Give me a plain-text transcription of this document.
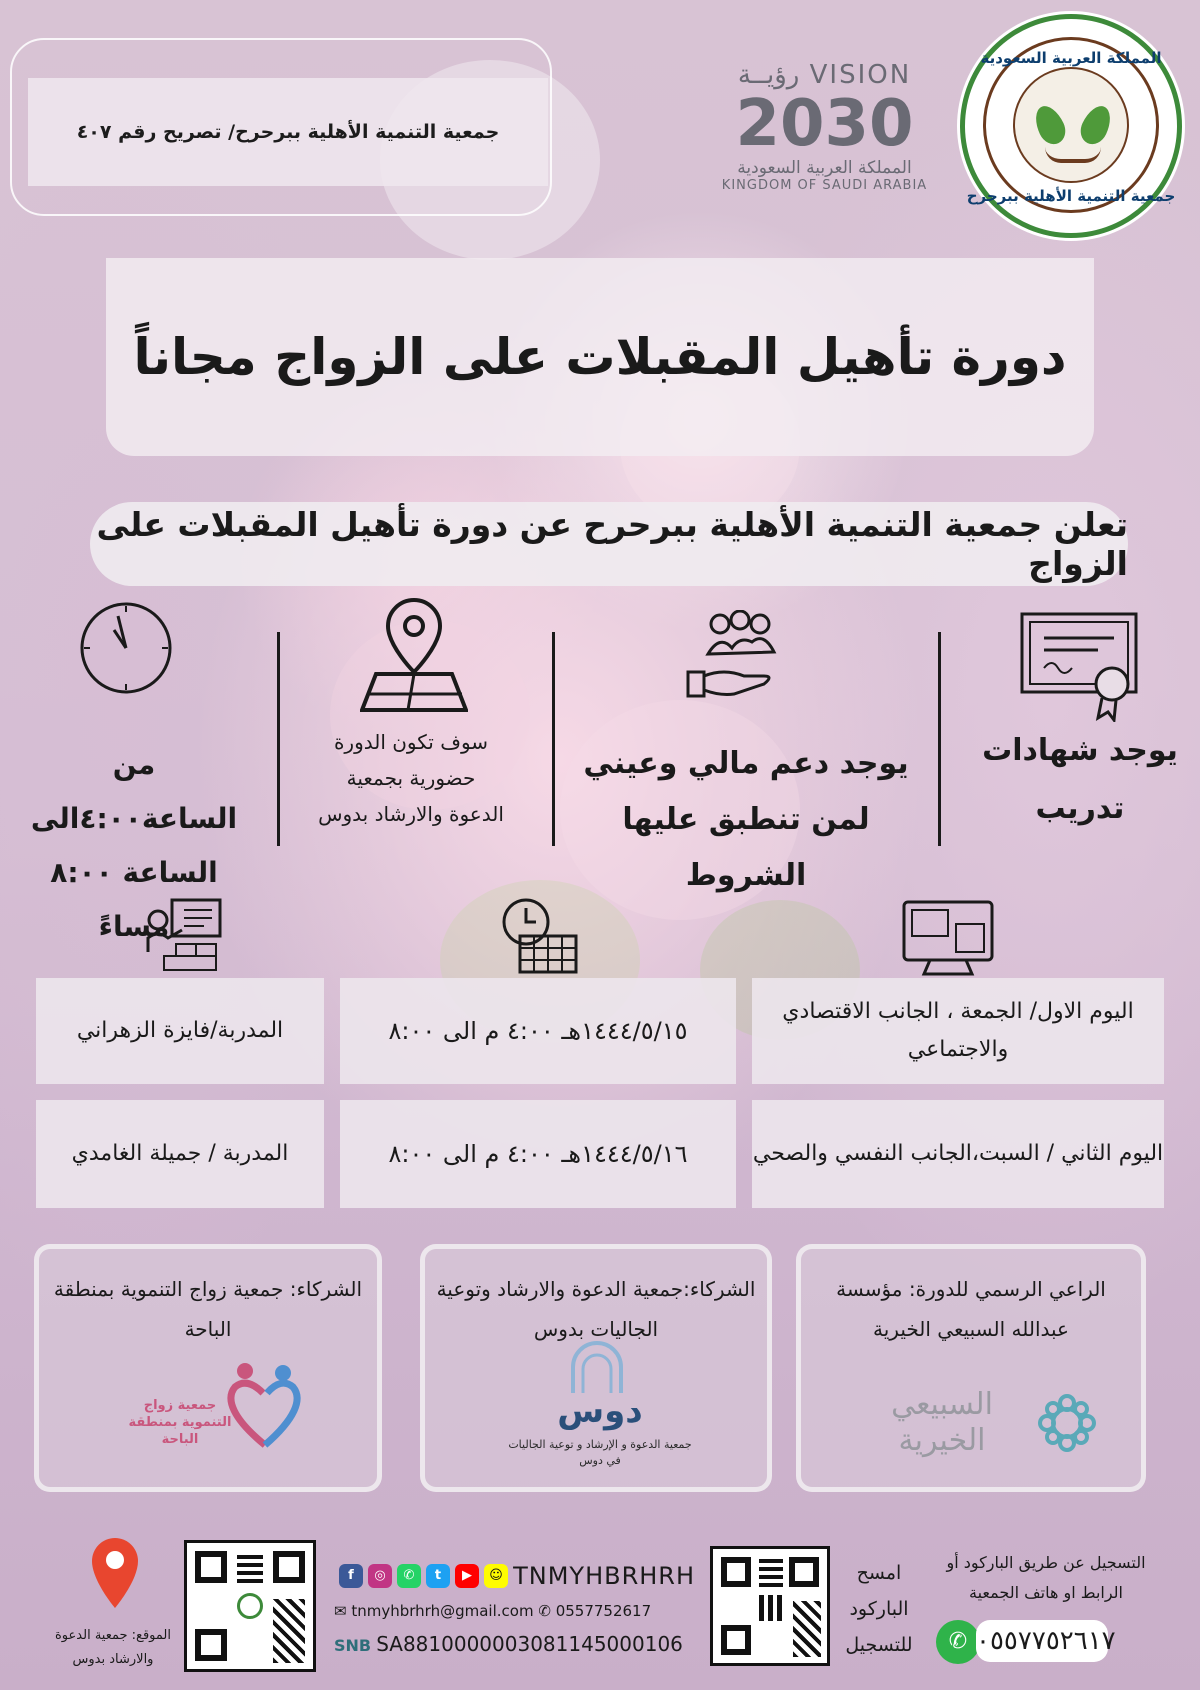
جمعية التنمية الأهلية ببرحرح/ تصريح رقم ٤٠٧
VISION رؤيــة
2030
المملكة العربية السعودية
KINGDOM OF SAUDI ARABIA
المملكة العربية السعودية
جمعية التنمية الأهلية ببرحرح
دورة تأهيل المقبلات على الزواج مجاناً
تعلن جمعية التنمية الأهلية ببرحرح عن دورة تأهيل المقبلات على الزواج
يوجد شهادات
تدريب
يوجد دعم مالي وعيني
لمن تنطبق عليها الشروط
سوف تكون الدورة
حضورية بجمعية
الدعوة والارشاد بدوس
من الساعة٤:٠٠الى
الساعة ٨:٠٠ مساءً
اليوم الاول/ الجمعة ، الجانب الاقتصادي والاجتماعي
١٤٤٤/٥/١٥هـ ٤:٠٠ م الى ٨:٠٠
المدربة/فايزة الزهراني
اليوم الثاني / السبت،الجانب النفسي والصحي
١٤٤٤/٥/١٦هـ ٤:٠٠ م الى ٨:٠٠
المدربة / جميلة الغامدي
الراعي الرسمي للدورة: مؤسسة عبدالله السبيعي الخيرية
السبيعي الخيرية
الشركاء:جمعية الدعوة والارشاد وتوعية الجاليات بدوس
دوس
جمعية الدعوة و الإرشاد و توعية الجاليات في دوس
الشركاء: جمعية زواج التنموية بمنطقة الباحة
جمعية زواج التنموية بمنطقة الباحة
التسجيل عن طريق الباركود أو الرابط او هاتف الجمعية
✆ ٠٥٥٧٧٥٢٦١٧
امسح الباركود للتسجيل
f ◎ ✆ t ▶ ☺ TNMYHBRHRH
✉ tnmyhbrhrh@gmail.com ✆ 0557752617
SNB SA8810000003081145000106
الموقع: جمعية الدعوة والارشاد بدوس
